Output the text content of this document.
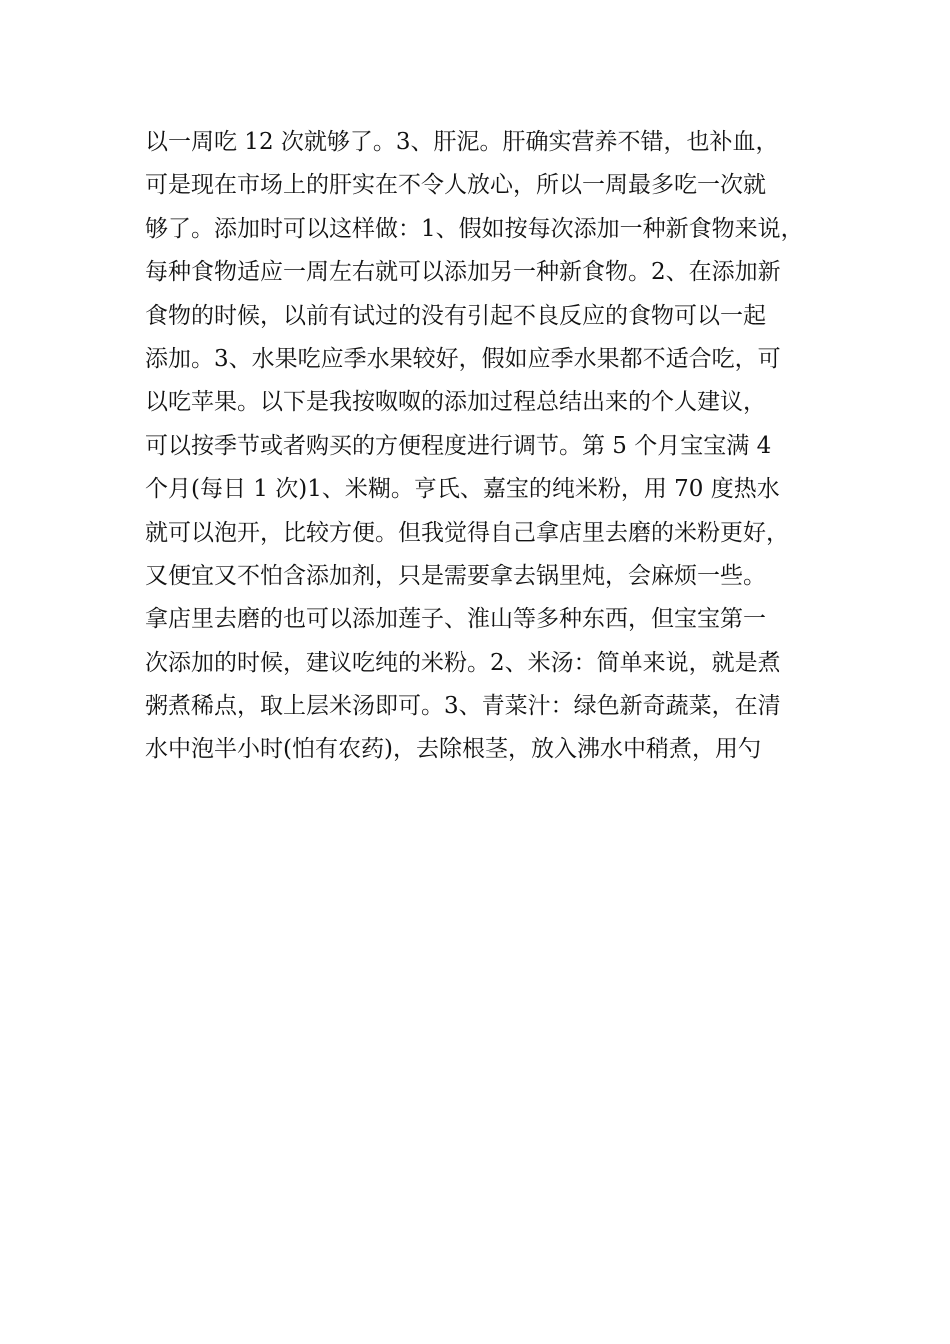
以一周吃 12 次就够了。3、肝泥。肝确实营养不错，也补血，
可是现在市场上的肝实在不令人放心，所以一周最多吃一次就
够了。添加时可以这样做：1、假如按每次添加一种新食物来说，
每种食物适应一周左右就可以添加另一种新食物。2、在添加新
食物的时候，以前有试过的没有引起不良反应的食物可以一起
添加。3、水果吃应季水果较好，假如应季水果都不适合吃，可
以吃苹果。以下是我按呶呶的添加过程总结出来的个人建议，
可以按季节或者购买的方便程度进行调节。第 5 个月宝宝满 4
个月(每日 1 次)1、米糊。亨氏、嘉宝的纯米粉，用 70 度热水
就可以泡开，比较方便。但我觉得自己拿店里去磨的米粉更好，
又便宜又不怕含添加剂，只是需要拿去锅里炖，会麻烦一些。
拿店里去磨的也可以添加莲子、淮山等多种东西，但宝宝第一
次添加的时候，建议吃纯的米粉。2、米汤：简单来说，就是煮
粥煮稀点，取上层米汤即可。3、青菜汁：绿色新奇蔬菜，在清
水中泡半小时(怕有农药)，去除根茎，放入沸水中稍煮，用勺
